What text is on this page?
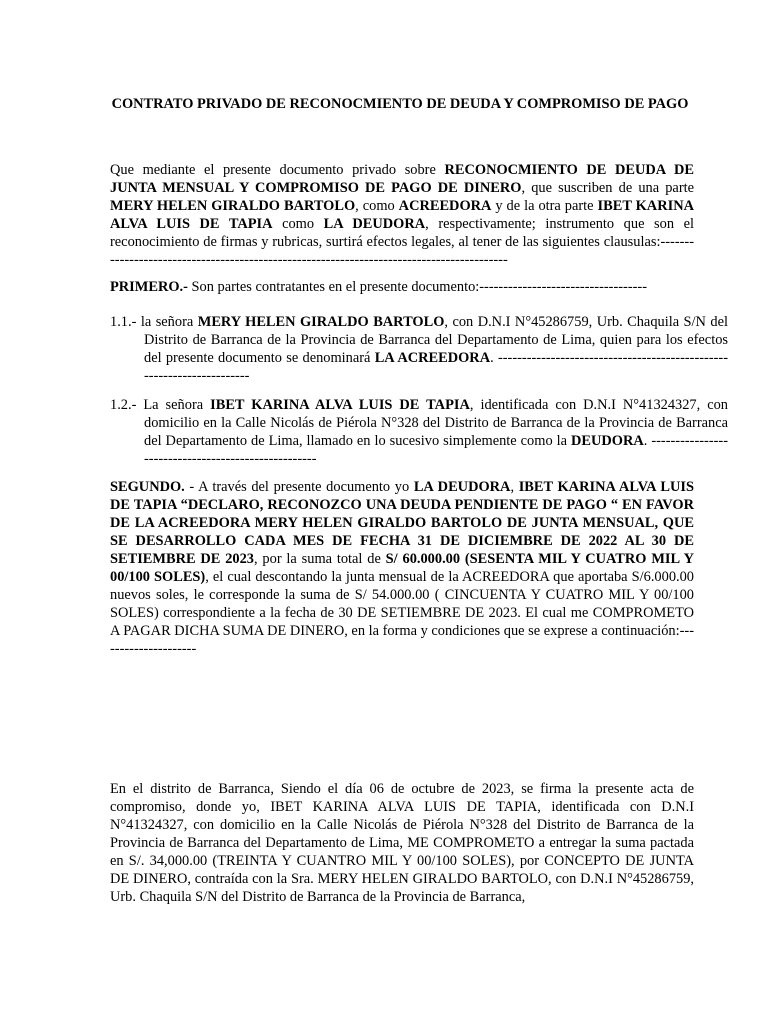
CONTRATO PRIVADO DE RECONOCMIENTO DE DEUDA Y COMPROMISO DE PAGO
Que mediante el presente documento privado sobre RECONOCMIENTO DE DEUDA DE JUNTA MENSUAL Y COMPROMISO DE PAGO DE DINERO, que suscriben de una parte MERY HELEN GIRALDO BARTOLO, como ACREEDORA y de la otra parte IBET KARINA ALVA LUIS DE TAPIA como LA DEUDORA, respectivamente; instrumento que son el reconocimiento de firmas y rubricas, surtirá efectos legales, al tener de las siguientes clausulas:------------------------------------------------------------------------------------------
PRIMERO.- Son partes contratantes en el presente documento:-----------------------------------
1.1.- la señora MERY HELEN GIRALDO BARTOLO, con D.N.I N°45286759, Urb. Chaquila S/N del Distrito de Barranca de la Provincia de Barranca del Departamento de Lima, quien para los efectos del presente documento se denominará LA ACREEDORA. ----------------------------------------------------------------------
1.2.- La señora IBET KARINA ALVA LUIS DE TAPIA, identificada con D.N.I N°41324327, con domicilio en la Calle Nicolás de Piérola N°328 del Distrito de Barranca de la Provincia de Barranca del Departamento de Lima, llamado en lo sucesivo simplemente como la DEUDORA. ----------------------------------------------------
SEGUNDO. - A través del presente documento yo LA DEUDORA, IBET KARINA ALVA LUIS DE TAPIA “DECLARO, RECONOZCO UNA DEUDA PENDIENTE DE PAGO “ EN FAVOR DE LA ACREEDORA MERY HELEN GIRALDO BARTOLO DE JUNTA MENSUAL, QUE SE DESARROLLO CADA MES DE FECHA 31 DE DICIEMBRE DE 2022 AL 30 DE SETIEMBRE DE 2023, por la suma total de S/ 60.000.00 (SESENTA MIL Y CUATRO MIL Y 00/100 SOLES), el cual descontando la junta mensual de la ACREEDORA que aportaba S/6.000.00 nuevos soles, le corresponde la suma de S/ 54.000.00 ( CINCUENTA Y CUATRO MIL Y 00/100 SOLES) correspondiente a la fecha de 30 DE SETIEMBRE DE 2023. El cual me COMPROMETO A PAGAR DICHA SUMA DE DINERO, en la forma y condiciones que se exprese a continuación:---------------------
En el distrito de Barranca, Siendo el día 06 de octubre de 2023, se firma la presente acta de compromiso, donde yo, IBET KARINA ALVA LUIS DE TAPIA, identificada con D.N.I N°41324327, con domicilio en la Calle Nicolás de Piérola N°328 del Distrito de Barranca de la Provincia de Barranca del Departamento de Lima, ME COMPROMETO a entregar la suma pactada en S/. 34,000.00 (TREINTA Y CUANTRO MIL Y 00/100 SOLES), por CONCEPTO DE JUNTA DE DINERO, contraída con la Sra. MERY HELEN GIRALDO BARTOLO, con D.N.I N°45286759, Urb. Chaquila S/N del Distrito de Barranca de la Provincia de Barranca,
